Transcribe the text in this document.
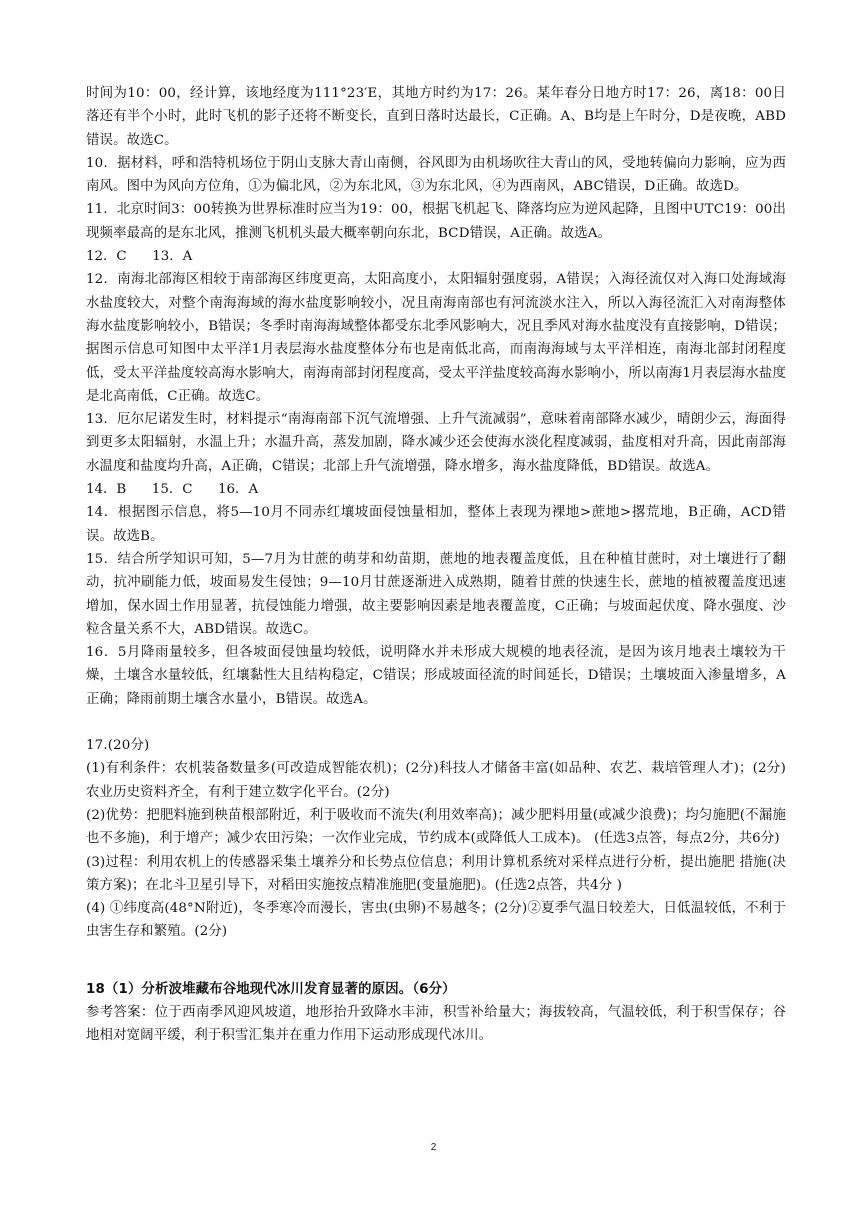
时间为10：00，经计算，该地经度为111°23′E，其地方时约为17：26。某年春分日地方时17：26，离18：00日落还有半个小时，此时飞机的影子还将不断变长，直到日落时达最长，C正确。A、B均是上午时分，D是夜晚，ABD错误。故选C。

10．据材料，呼和浩特机场位于阴山支脉大青山南侧，谷风即为由机场吹往大青山的风，受地转偏向力影响，应为西南风。图中为风向方位角，①为偏北风，②为东北风，③为东北风，④为西南风，ABC错误，D正确。故选D。

11．北京时间3：00转换为世界标准时应当为19：00，根据飞机起飞、降落均应为逆风起降，且图中UTC19：00出现频率最高的是东北风，推测飞机机头最大概率朝向东北，BCD错误，A正确。故选A。

12．C      13．A

12．南海北部海区相较于南部海区纬度更高，太阳高度小，太阳辐射强度弱，A错误；入海径流仅对入海口处海域海水盐度较大，对整个南海海域的海水盐度影响较小，况且南海南部也有河流淡水注入，所以入海径流汇入对南海整体海水盐度影响较小，B错误；冬季时南海海域整体都受东北季风影响大，况且季风对海水盐度没有直接影响，D错误；据图示信息可知图中太平洋1月表层海水盐度整体分布也是南低北高，而南海海域与太平洋相连，南海北部封闭程度低，受太平洋盐度较高海水影响大，南海南部封闭程度高，受太平洋盐度较高海水影响小，所以南海1月表层海水盐度是北高南低，C正确。故选C。

13．厄尔尼诺发生时，材料提示“南海南部下沉气流增强、上升气流减弱”，意味着南部降水减少，晴朗少云，海面得到更多太阳辐射，水温上升；水温升高，蒸发加剧，降水减少还会使海水淡化程度减弱，盐度相对升高，因此南部海水温度和盐度均升高，A正确，C错误；北部上升气流增强，降水增多，海水盐度降低，BD错误。故选A。

14．B      15．C      16．A

14．根据图示信息，将5—10月不同赤红壤坡面侵蚀量相加，整体上表现为裸地>蔗地>撂荒地，B正确，ACD错误。故选B。

15．结合所学知识可知，5—7月为甘蔗的萌芽和幼苗期，蔗地的地表覆盖度低，且在种植甘蔗时，对土壤进行了翻动，抗冲刷能力低，坡面易发生侵蚀；9—10月甘蔗逐渐进入成熟期，随着甘蔗的快速生长，蔗地的植被覆盖度迅速增加，保水固土作用显著，抗侵蚀能力增强，故主要影响因素是地表覆盖度，C正确；与坡面起伏度、降水强度、沙粒含量关系不大，ABD错误。故选C。

16．5月降雨量较多，但各坡面侵蚀量均较低，说明降水并未形成大规模的地表径流，是因为该月地表土壤较为干燥，土壤含水量较低，红壤黏性大且结构稳定，C错误；形成坡面径流的时间延长，D错误；土壤坡面入渗量增多，A正确；降雨前期土壤含水量小，B错误。故选A。

17.(20分)

(1)有利条件：农机装备数量多(可改造成智能农机)；(2分)科技人才储备丰富(如品种、农艺、栽培管理人才)；(2分) 农业历史资料齐全，有利于建立数字化平台。(2分)

(2)优势：把肥料施到秧苗根部附近，利于吸收而不流失(利用效率高)；减少肥料用量(或减少浪费)；均匀施肥(不漏施也不多施)，利于增产；减少农田污染；一次作业完成，节约成本(或降低人工成本)。 (任选3点答，每点2分，共6分)

(3)过程：利用农机上的传感器采集土壤养分和长势点位信息；利用计算机系统对采样点进行分析，提出施肥 措施(决策方案)；在北斗卫星引导下，对稻田实施按点精准施肥(变量施肥)。(任选2点答，共4分 )

(4) ①纬度高(48°N附近)，冬季寒冷而漫长，害虫(虫卵)不易越冬；(2分)②夏季气温日较差大，日低温较低，不利于虫害生存和繁殖。(2分)

18（1）分析波堆藏布谷地现代冰川发育显著的原因。（6分）

参考答案：位于西南季风迎风坡道，地形抬升致降水丰沛，积雪补给量大；海拔较高，气温较低，利于积雪保存；谷地相对宽阔平缓，利于积雪汇集并在重力作用下运动形成现代冰川。

2
